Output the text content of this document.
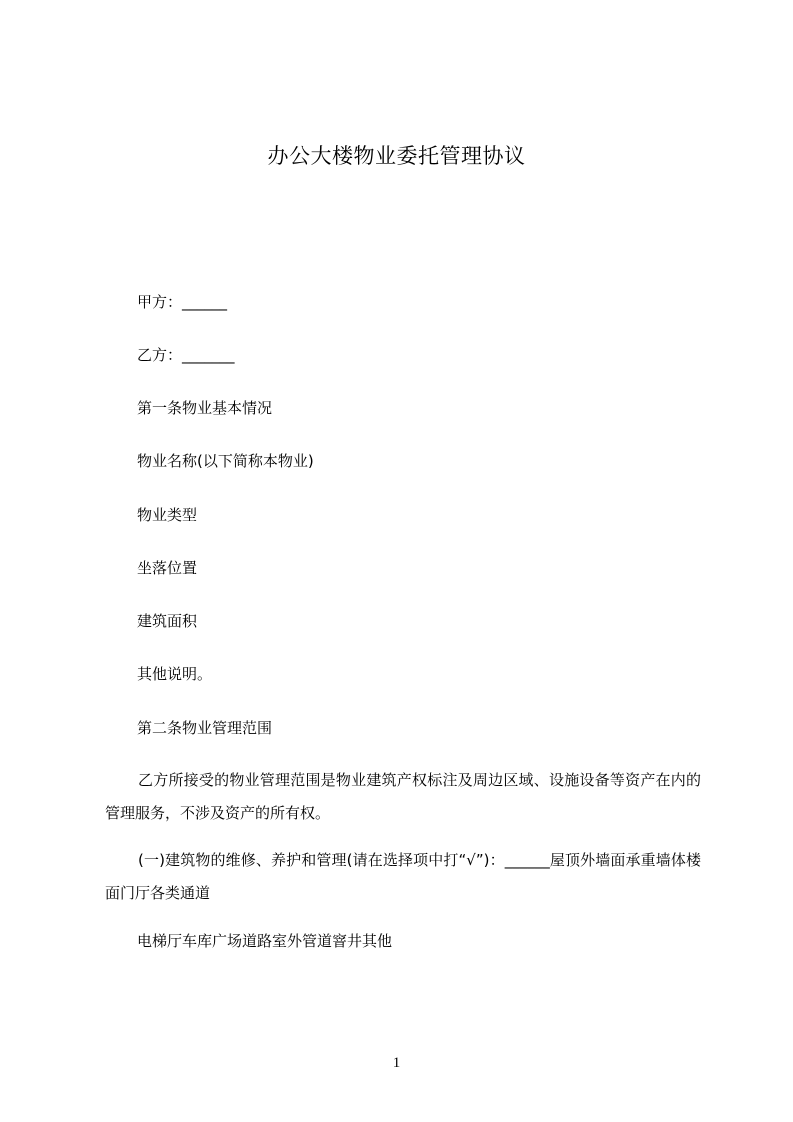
办公大楼物业委托管理协议
甲方：______
乙方：_______
第一条物业基本情况
物业名称(以下简称本物业)
物业类型
坐落位置
建筑面积
其他说明。
第二条物业管理范围
乙方所接受的物业管理范围是物业建筑产权标注及周边区域、设施设备等资产在内的管理服务，不涉及资产的所有权。
(一)建筑物的维修、养护和管理(请在选择项中打“√”)：______屋顶外墙面承重墙体楼面门厅各类通道
电梯厅车库广场道路室外管道窨井其他
1
